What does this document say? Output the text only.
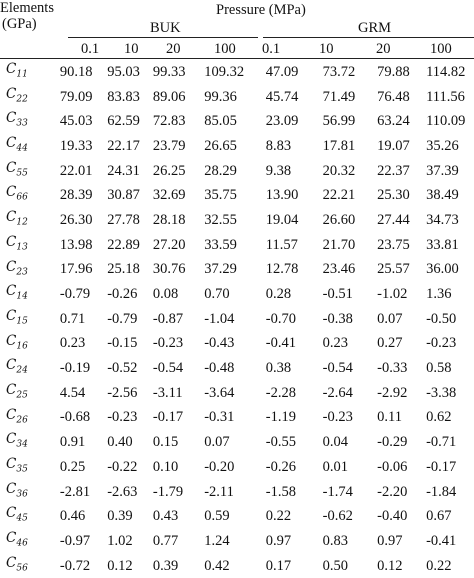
Elements
(GPa)
Pressure (MPa)
BUK	GRM
0.1 10 20 100 0.1	10	20	100
$C_{11}$	90.18	95.03	99.33	109.32	47.09	73.72	79.88	114.82
$C_{22}$	79.09	83.83	89.06	99.36	45.74	71.49	76.48	111.56
$C_{33}$	45.03	62.59	72.83	85.05	23.09	56.99	63.24	110.09
$C_{44}$	19.33	22.17	23.79	26.65	8.83	17.81	19.07	35.26
$C_{55}$	22.01	24.31	26.25	28.29	9.38	20.32	22.37	37.39
$C_{66}$	28.39	30.87	32.69	35.75	13.90	22.21	25.30	38.49
$C_{12}$	26.30	27.78	28.18	32.55	19.04	26.60	27.44	34.73
$C_{13}$	13.98	22.89	27.20	33.59	11.57	21.70	23.75	33.81
$C_{23}$	17.96	25.18	30.76	37.29	12.78	23.46	25.57	36.00
$C_{14}$	-0.79	-0.26	0.08	0.70	0.28	-0.51	-1.02	1.36
$C_{15}$	0.71	-0.79	-0.87	-1.04	-0.70	-0.38	0.07	-0.50
$C_{16}$	0.23	-0.15	-0.23	-0.43	-0.41	0.23	0.27	-0.23
$C_{24}$	-0.19	-0.52	-0.54	-0.48	0.38	-0.54	-0.33	0.58
$C_{25}$	4.54	-2.56	-3.11	-3.64	-2.28	-2.64	-2.92	-3.38
$C_{26}$	-0.68	-0.23	-0.17	-0.31	-1.19	-0.23	0.11	0.62
$C_{34}$	0.91	0.40	0.15	0.07	-0.55	0.04	-0.29	-0.71
$C_{35}$	0.25	-0.22	0.10	-0.20	-0.26	0.01	-0.06	-0.17
$C_{36}$	-2.81	-2.63	-1.79	-2.11	-1.58	-1.74	-2.20	-1.84
$C_{45}$	0.46	0.39	0.43	0.59	0.22	-0.62	-0.40	0.67
$C_{46}$	-0.97	1.02	0.77	1.24	0.97	0.83	0.97	-0.41
$C_{56}$	-0.72	0.12	0.39	0.42	0.17	0.50	0.12	0.22
